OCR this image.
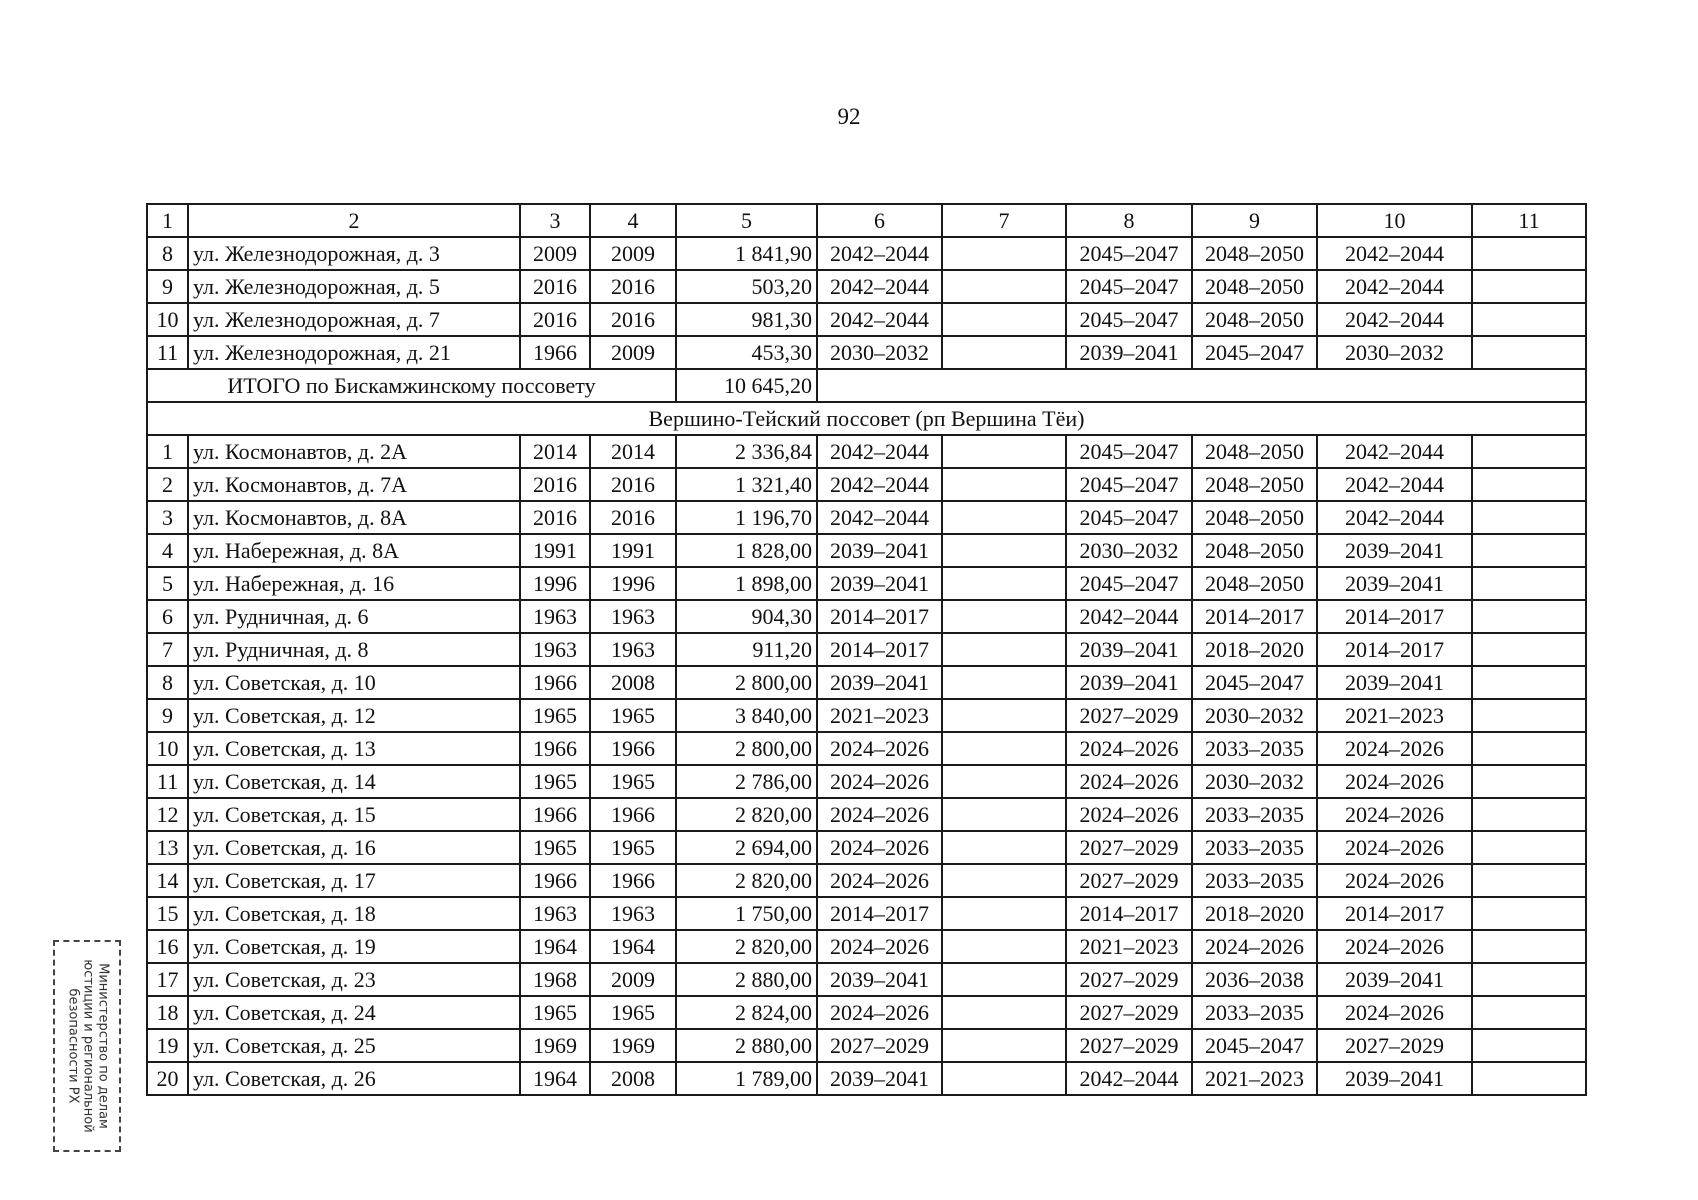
92
1	2	3	4	5	6	7	8	9	10	11
8	ул. Железнодорожная, д. 3	2009	2009	1 841,90	2042–2044		2045–2047	2048–2050	2042–2044	
9	ул. Железнодорожная, д. 5	2016	2016	503,20	2042–2044		2045–2047	2048–2050	2042–2044	
10	ул. Железнодорожная, д. 7	2016	2016	981,30	2042–2044		2045–2047	2048–2050	2042–2044	
11	ул. Железнодорожная, д. 21	1966	2009	453,30	2030–2032		2039–2041	2045–2047	2030–2032	
ИТОГО по Бискамжинскому поссовету				10 645,20						
Вершино-Тейский поссовет (рп Вершина Тёи)										
1	ул. Космонавтов, д. 2А	2014	2014	2 336,84	2042–2044		2045–2047	2048–2050	2042–2044	
2	ул. Космонавтов, д. 7А	2016	2016	1 321,40	2042–2044		2045–2047	2048–2050	2042–2044	
3	ул. Космонавтов, д. 8А	2016	2016	1 196,70	2042–2044		2045–2047	2048–2050	2042–2044	
4	ул. Набережная, д. 8А	1991	1991	1 828,00	2039–2041		2030–2032	2048–2050	2039–2041	
5	ул. Набережная, д. 16	1996	1996	1 898,00	2039–2041		2045–2047	2048–2050	2039–2041	
6	ул. Рудничная, д. 6	1963	1963	904,30	2014–2017		2042–2044	2014–2017	2014–2017	
7	ул. Рудничная, д. 8	1963	1963	911,20	2014–2017		2039–2041	2018–2020	2014–2017	
8	ул. Советская, д. 10	1966	2008	2 800,00	2039–2041		2039–2041	2045–2047	2039–2041	
9	ул. Советская, д. 12	1965	1965	3 840,00	2021–2023		2027–2029	2030–2032	2021–2023	
10	ул. Советская, д. 13	1966	1966	2 800,00	2024–2026		2024–2026	2033–2035	2024–2026	
11	ул. Советская, д. 14	1965	1965	2 786,00	2024–2026		2024–2026	2030–2032	2024–2026	
12	ул. Советская, д. 15	1966	1966	2 820,00	2024–2026		2024–2026	2033–2035	2024–2026	
13	ул. Советская, д. 16	1965	1965	2 694,00	2024–2026		2027–2029	2033–2035	2024–2026	
14	ул. Советская, д. 17	1966	1966	2 820,00	2024–2026		2027–2029	2033–2035	2024–2026	
15	ул. Советская, д. 18	1963	1963	1 750,00	2014–2017		2014–2017	2018–2020	2014–2017	
16	ул. Советская, д. 19	1964	1964	2 820,00	2024–2026		2021–2023	2024–2026	2024–2026	
17	ул. Советская, д. 23	1968	2009	2 880,00	2039–2041		2027–2029	2036–2038	2039–2041	
18	ул. Советская, д. 24	1965	1965	2 824,00	2024–2026		2027–2029	2033–2035	2024–2026	
19	ул. Советская, д. 25	1969	1969	2 880,00	2027–2029		2027–2029	2045–2047	2027–2029	
20	ул. Советская, д. 26	1964	2008	1 789,00	2039–2041		2042–2044	2021–2023	2039–2041	
Министерство по делам
юстиции и региональной
безопасности РХ
